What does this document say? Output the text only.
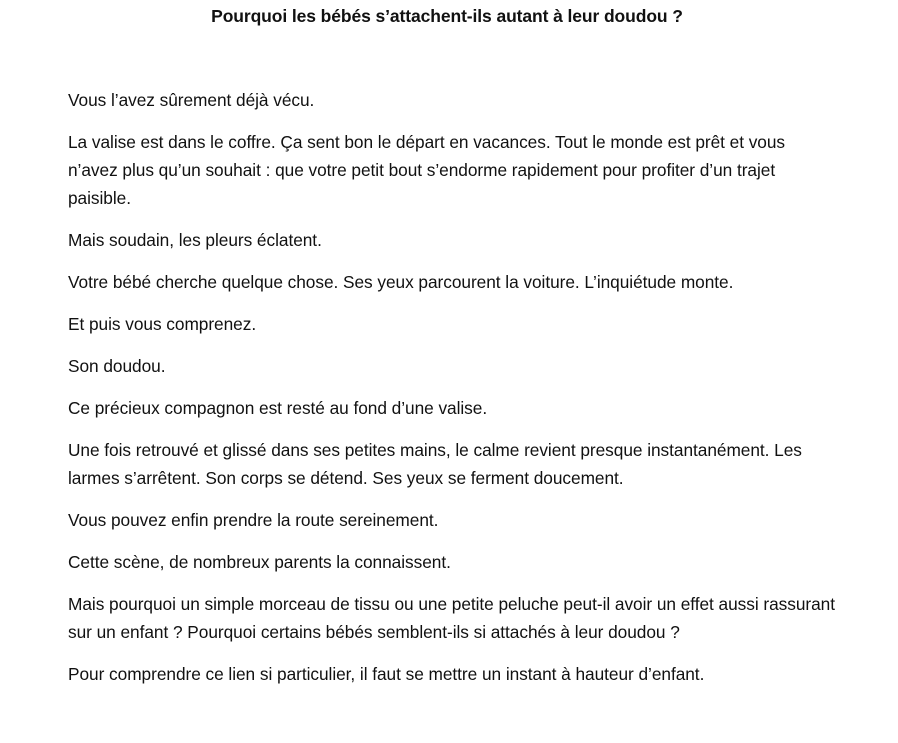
Pourquoi les bébés s’attachent-ils autant à leur doudou ?

Vous l’avez sûrement déjà vécu.

La valise est dans le coffre. Ça sent bon le départ en vacances. Tout le monde est prêt et vous n’avez plus qu’un souhait : que votre petit bout s’endorme rapidement pour profiter d’un trajet paisible.

Mais soudain, les pleurs éclatent.

Votre bébé cherche quelque chose. Ses yeux parcourent la voiture. L’inquiétude monte.

Et puis vous comprenez.

Son doudou.

Ce précieux compagnon est resté au fond d’une valise.

Une fois retrouvé et glissé dans ses petites mains, le calme revient presque instantanément. Les larmes s’arrêtent. Son corps se détend. Ses yeux se ferment doucement.

Vous pouvez enfin prendre la route sereinement.

Cette scène, de nombreux parents la connaissent.

Mais pourquoi un simple morceau de tissu ou une petite peluche peut-il avoir un effet aussi rassurant sur un enfant ? Pourquoi certains bébés semblent-ils si attachés à leur doudou ?

Pour comprendre ce lien si particulier, il faut se mettre un instant à hauteur d’enfant.
